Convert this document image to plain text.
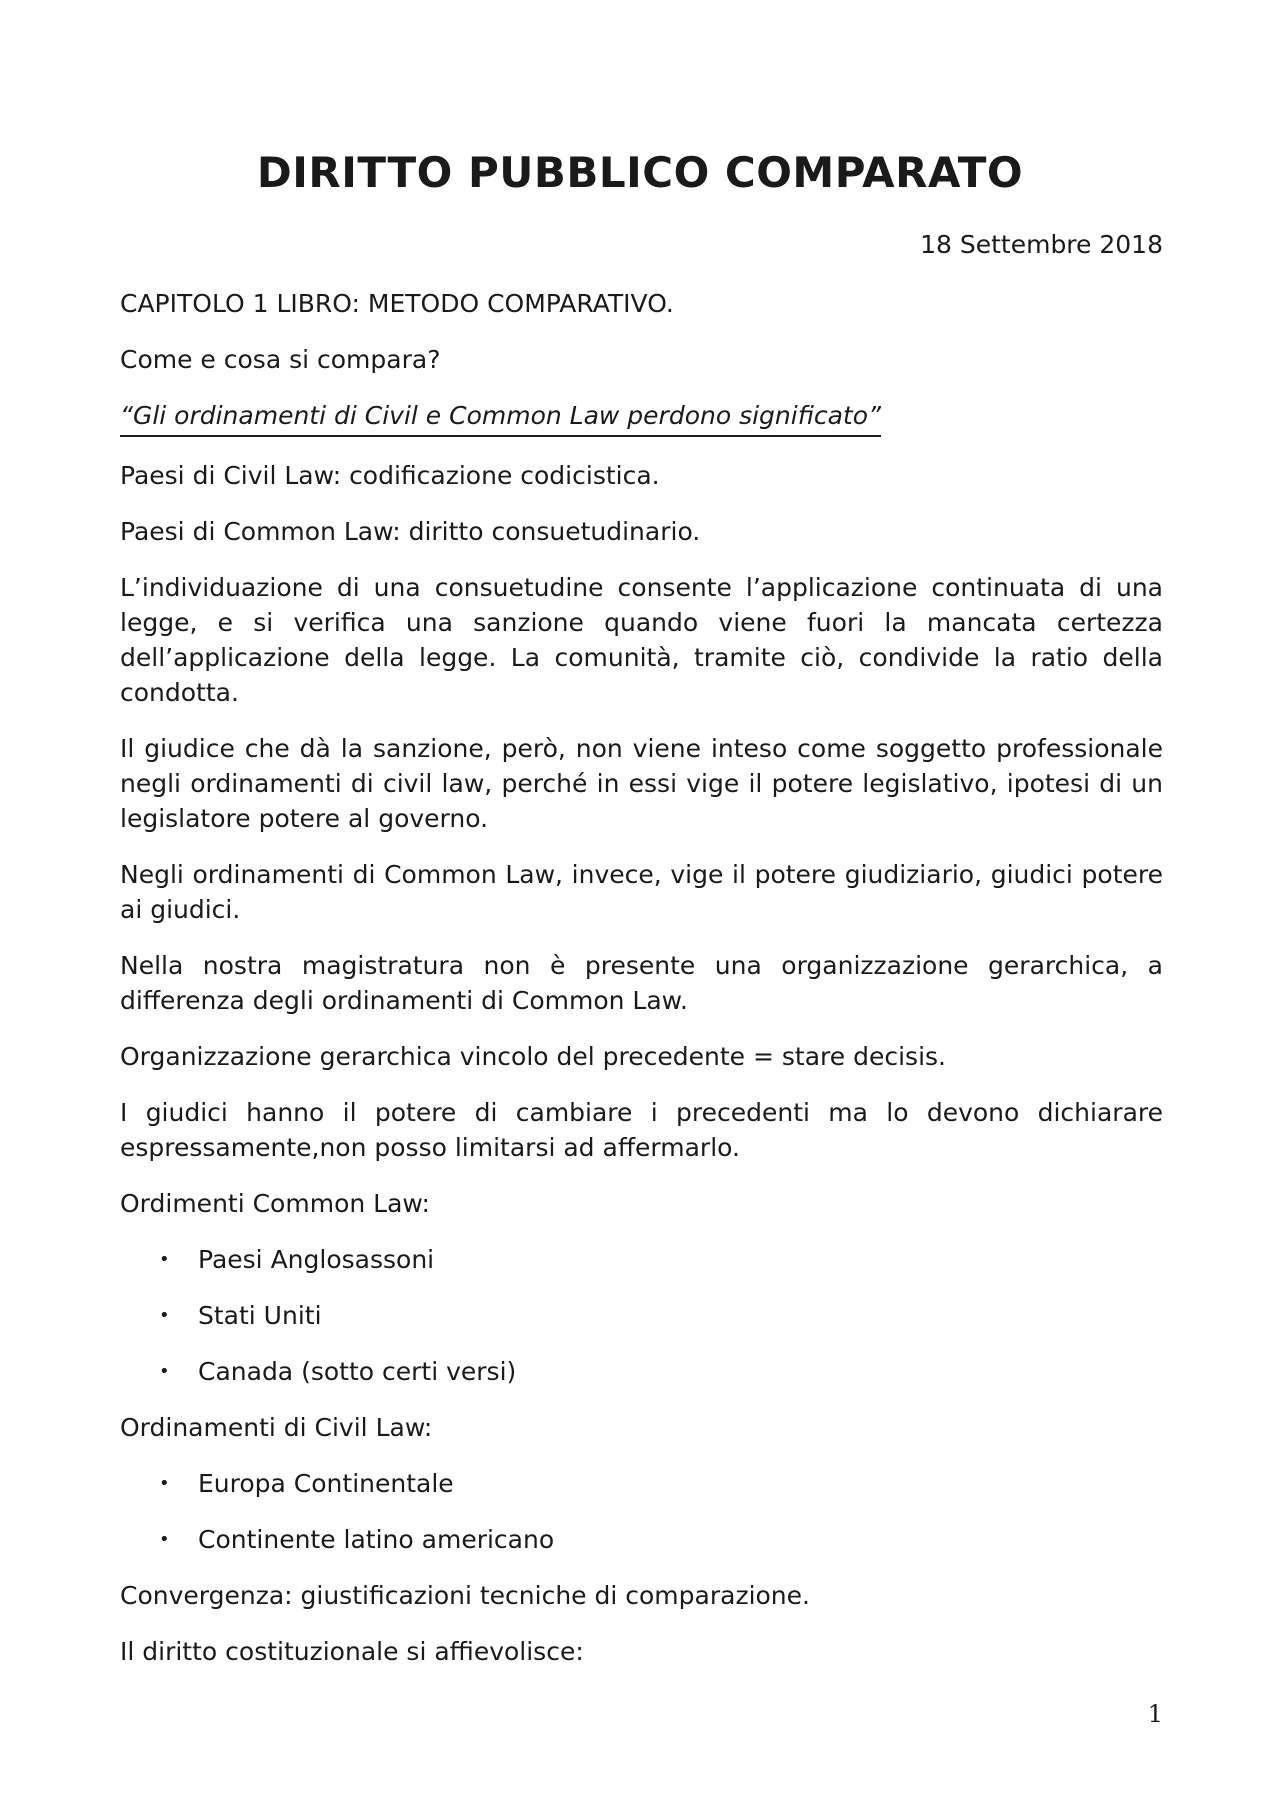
DIRITTO PUBBLICO COMPARATO

18 Settembre 2018

CAPITOLO 1 LIBRO: METODO COMPARATIVO.

Come e cosa si compara?

“Gli ordinamenti di Civil e Common Law perdono significato”

Paesi di Civil Law: codificazione codicistica.

Paesi di Common Law: diritto consuetudinario.

L’individuazione di una consuetudine consente l’applicazione continuata di una legge, e si verifica una sanzione quando viene fuori la mancata certezza dell’applicazione della legge. La comunità, tramite ciò, condivide la ratio della condotta.

Il giudice che dà la sanzione, però, non viene inteso come soggetto professionale negli ordinamenti di civil law, perché in essi vige il potere legislativo, ipotesi di un legislatore potere al governo.

Negli ordinamenti di Common Law, invece, vige il potere giudiziario, giudici potere ai giudici.

Nella nostra magistratura non è presente una organizzazione gerarchica, a differenza degli ordinamenti di Common Law.

Organizzazione gerarchica vincolo del precedente = stare decisis.

I giudici hanno il potere di cambiare i precedenti ma lo devono dichiarare espressamente,non posso limitarsi ad affermarlo.

Ordimenti Common Law:

• Paesi Anglosassoni
• Stati Uniti
• Canada (sotto certi versi)

Ordinamenti di Civil Law:

• Europa Continentale
• Continente latino americano

Convergenza: giustificazioni tecniche di comparazione.

Il diritto costituzionale si affievolisce:

1
